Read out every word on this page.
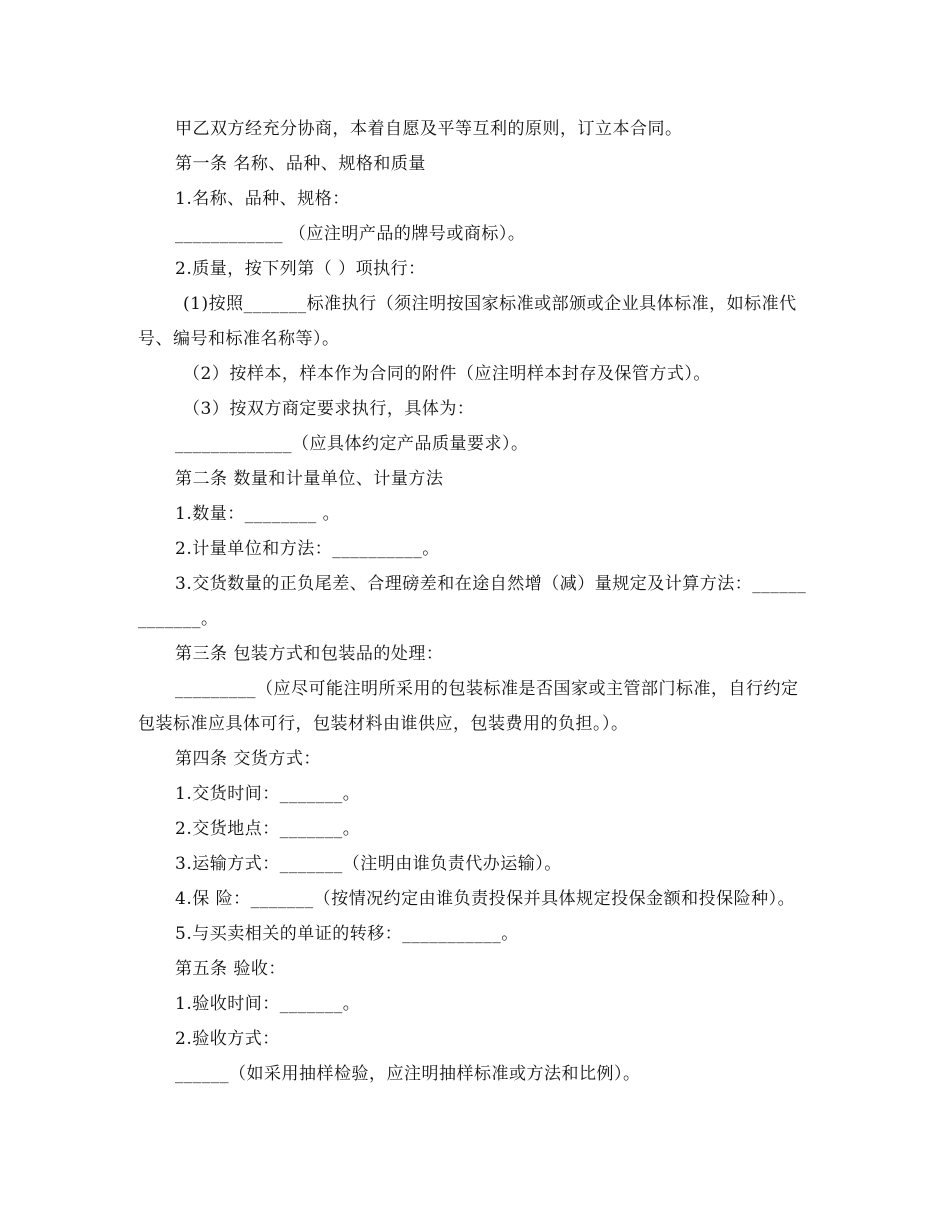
甲乙双方经充分协商，本着自愿及平等互利的原则，订立本合同。

第一条 名称、品种、规格和质量

1.名称、品种、规格：

____________ （应注明产品的牌号或商标）。

2.质量，按下列第（ ）项执行：

(1)按照_______标准执行（须注明按国家标准或部颁或企业具体标准，如标准代号、编号和标准名称等）。

（2）按样本，样本作为合同的附件（应注明样本封存及保管方式）。

（3）按双方商定要求执行，具体为：

_____________（应具体约定产品质量要求）。

第二条 数量和计量单位、计量方法

1.数量：________ 。

2.计量单位和方法：__________。

3.交货数量的正负尾差、合理磅差和在途自然增（减）量规定及计算方法：_____________。

第三条 包装方式和包装品的处理：

_________（应尽可能注明所采用的包装标准是否国家或主管部门标准，自行约定包装标准应具体可行，包装材料由谁供应，包装费用的负担。）。

第四条 交货方式：

1.交货时间：_______。

2.交货地点：_______。

3.运输方式：_______（注明由谁负责代办运输）。

4.保 险：_______（按情况约定由谁负责投保并具体规定投保金额和投保险种）。

5.与买卖相关的单证的转移：___________。

第五条 验收：

1.验收时间：_______。

2.验收方式：

______（如采用抽样检验，应注明抽样标准或方法和比例）。
